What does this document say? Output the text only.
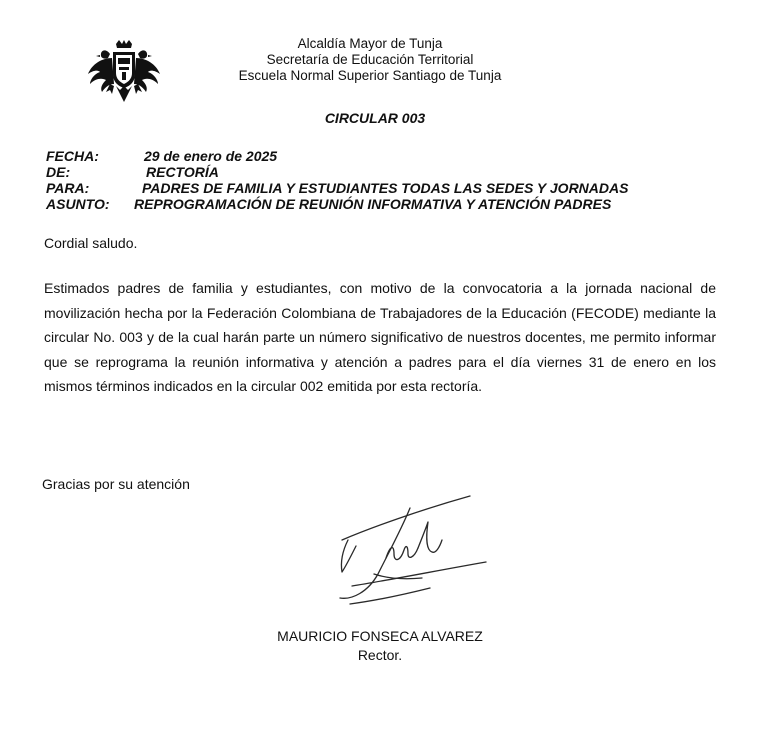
Alcaldía Mayor de Tunja
Secretaría de Educación Territorial
Escuela Normal Superior Santiago de Tunja
CIRCULAR 003
FECHA:	29 de enero de 2025
DE:	RECTORÍA
PARA:	PADRES DE FAMILIA Y ESTUDIANTES TODAS LAS SEDES Y JORNADAS
ASUNTO: REPROGRAMACIÓN DE REUNIÓN INFORMATIVA Y ATENCIÓN PADRES
Cordial saludo.
Estimados padres de familia y estudiantes, con motivo de la convocatoria a la jornada nacional de movilización hecha por la Federación Colombiana de Trabajadores de la Educación (FECODE) mediante la circular No. 003 y de la cual harán parte un número significativo de nuestros docentes, me permito informar que se reprograma la reunión informativa y atención a padres para el día viernes 31 de enero en los mismos términos indicados en la circular 002 emitida por esta rectoría.
Gracias por su atención
MAURICIO FONSECA ALVAREZ
Rector.
